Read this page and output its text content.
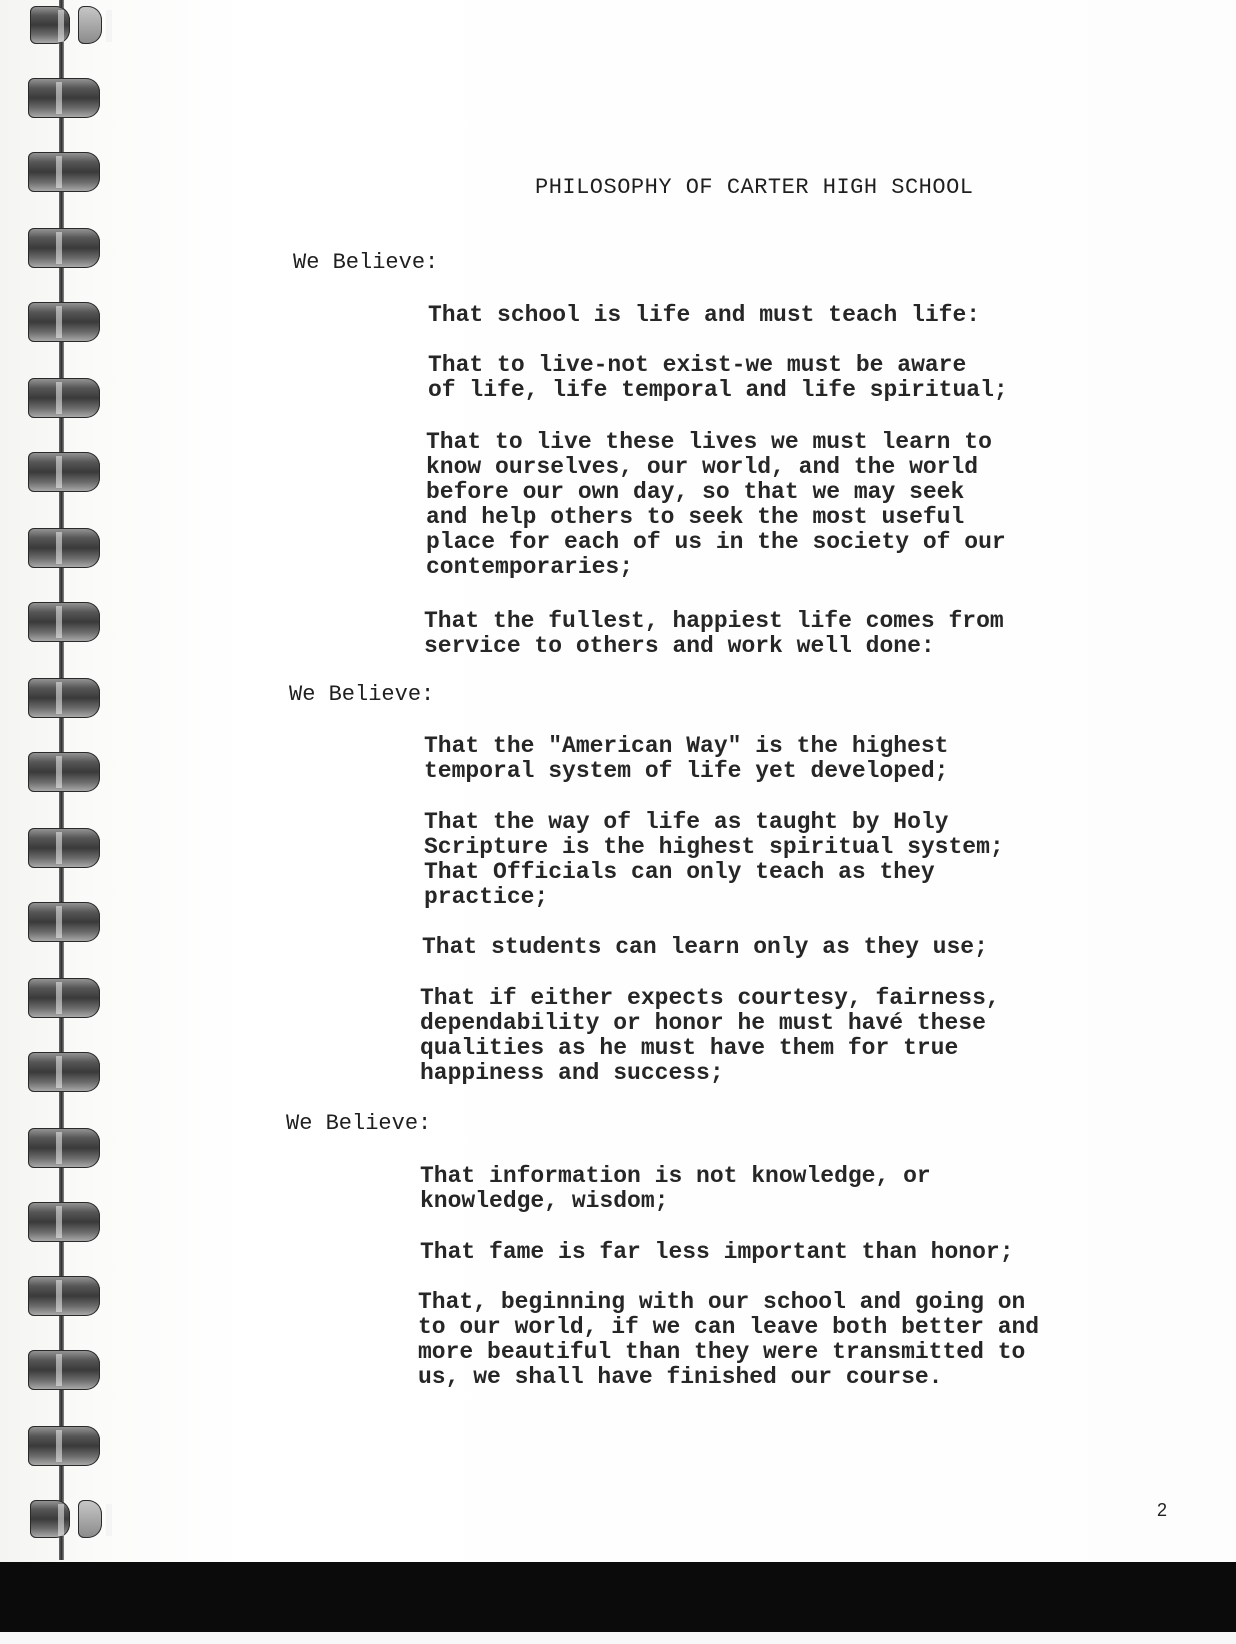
PHILOSOPHY OF CARTER HIGH SCHOOL
We Believe:
That school is life and must teach life:
That to live-not exist-we must be aware
of life, life temporal and life spiritual;
That to live these lives we must learn to
know ourselves, our world, and the world
before our own day, so that we may seek
and help others to seek the most useful
place for each of us in the society of our
contemporaries;
That the fullest, happiest life comes from
service to others and work well done:
We Believe:
That the "American Way" is the highest
temporal system of life yet developed;
That the way of life as taught by Holy
Scripture is the highest spiritual system;
That Officials can only teach as they
practice;
That students can learn only as they use;
That if either expects courtesy, fairness,
dependability or honor he must havé these
qualities as he must have them for true
happiness and success;
We Believe:
That information is not knowledge, or
knowledge, wisdom;
That fame is far less important than honor;
That, beginning with our school and going on
to our world, if we can leave both better and
more beautiful than they were transmitted to
us, we shall have finished our course.
2
